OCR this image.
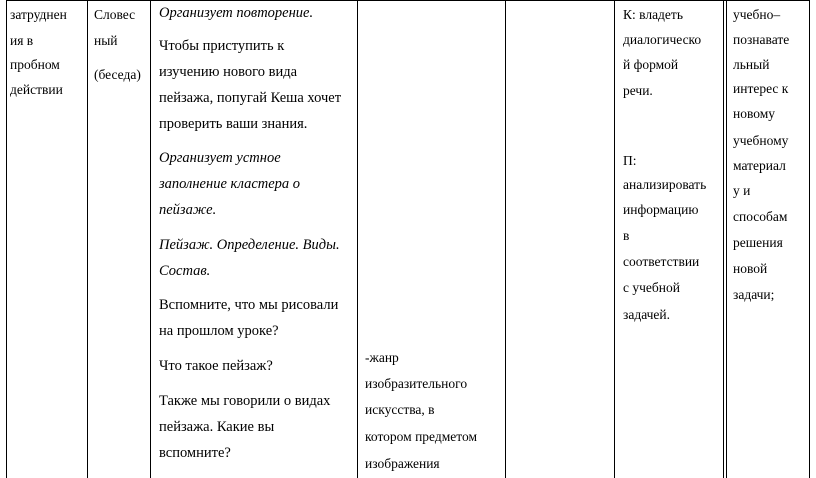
затруднен
ия в
пробном
действии
Словес
ный
(беседа)
Организует повторение.
Чтобы приступить к
изучению нового вида
пейзажа, попугай Кеша хочет
проверить ваши знания.
Организует устное
заполнение кластера о
пейзаже.
Пейзаж. Определение. Виды.
Состав.
Вспомните, что мы рисовали
на прошлом уроке?
Что такое пейзаж?
Также мы говорили о видах
пейзажа. Какие вы
вспомните?
-жанр
изобразительного
искусства, в
котором предметом
изображения
К: владеть
диалогическо
й формой
речи.
П:
анализировать
информацию
в
соответствии
с учебной
задачей.
учебно–
познавате
льный
интерес к
новому
учебному
материал
у и
способам
решения
новой
задачи;
